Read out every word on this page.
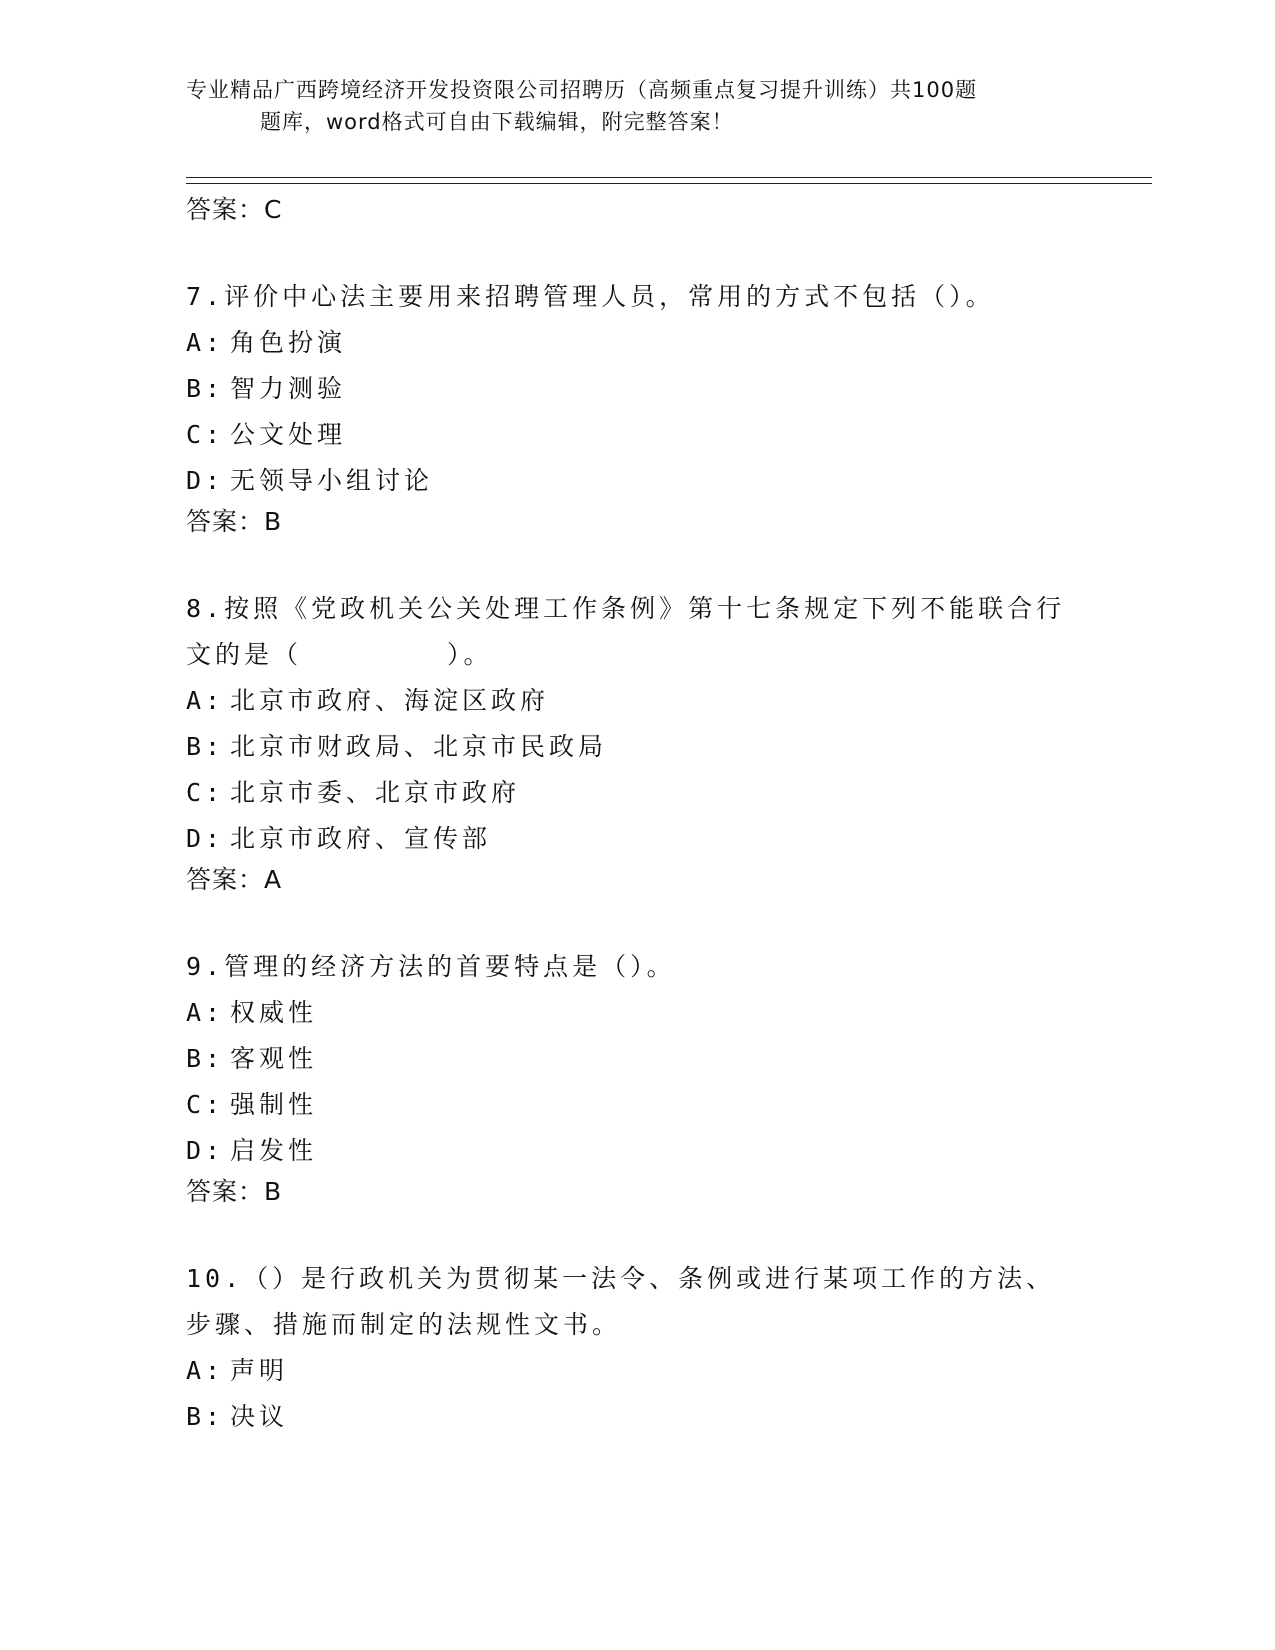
专业精品广西跨境经济开发投资限公司招聘历（高频重点复习提升训练）共100题
题库，word格式可自由下载编辑，附完整答案！
答案：C
7.评价中心法主要用来招聘管理人员，常用的方式不包括（）。
A: 角色扮演
B: 智力测验
C: 公文处理
D: 无领导小组讨论
答案：B
8.按照《党政机关公关处理工作条例》第十七条规定下列不能联合行文的是（　　　　　）。
A: 北京市政府、海淀区政府
B: 北京市财政局、北京市民政局
C: 北京市委、北京市政府
D: 北京市政府、宣传部
答案：A
9.管理的经济方法的首要特点是（）。
A: 权威性
B: 客观性
C: 强制性
D: 启发性
答案：B
10.（）是行政机关为贯彻某一法令、条例或进行某项工作的方法、步骤、措施而制定的法规性文书。
A: 声明
B: 决议
